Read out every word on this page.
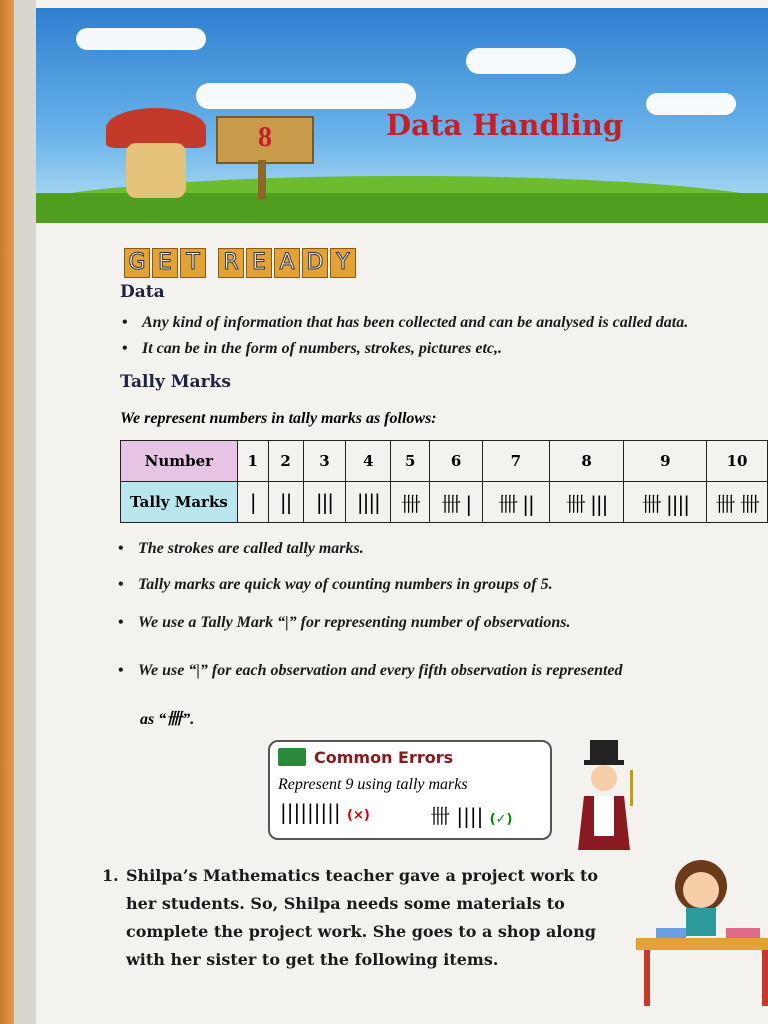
8	Data Handling
G E T R E A D Y
Data
• Any kind of information that has been collected and can be analysed is called data.
• It can be in the form of numbers, strokes, pictures etc,.
Tally Marks
We represent numbers in tally marks as follows:
Number	1	2	3	4	5	6	7	8	9	10
Tally Marks	|	||	|||	||||	卌	卌 |	卌 ||	卌 |||	卌 ||||	卌 卌
• The strokes are called tally marks.
• Tally marks are quick way of counting numbers in groups of 5.
• We use a Tally Mark “|” for representing number of observations.
• We use “|” for each observation and every fifth observation is represented
as “卌”.
Common Errors
Represent 9 using tally marks
||||||||| (×)	卌 |||| (✓)
1. Shilpa’s Mathematics teacher gave a project work to her students. So, Shilpa needs some materials to complete the project work. She goes to a shop along with her sister to get the following items.
